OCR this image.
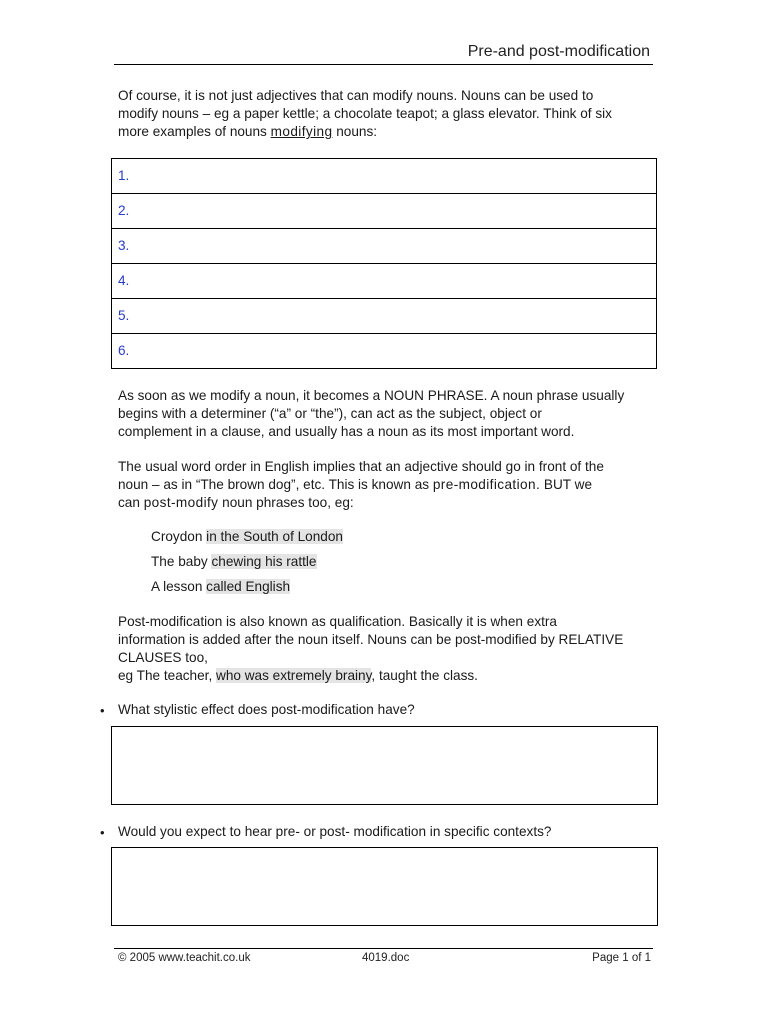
Pre-and post-modification
Of course, it is not just adjectives that can modify nouns. Nouns can be used to
modify nouns – eg a paper kettle; a chocolate teapot; a glass elevator. Think of six
more examples of nouns modifying nouns:
1.
2.
3.
4.
5.
6.
As soon as we modify a noun, it becomes a NOUN PHRASE. A noun phrase usually
begins with a determiner (“a” or “the”), can act as the subject, object or
complement in a clause, and usually has a noun as its most important word.
The usual word order in English implies that an adjective should go in front of the
noun – as in “The brown dog”, etc. This is known as pre-modification. BUT we
can post-modify noun phrases too, eg:
Croydon in the South of London
The baby chewing his rattle
A lesson called English
Post-modification is also known as qualification. Basically it is when extra
information is added after the noun itself. Nouns can be post-modified by RELATIVE
CLAUSES too,
eg The teacher, who was extremely brainy, taught the class.
• What stylistic effect does post-modification have?
• Would you expect to hear pre- or post- modification in specific contexts?
© 2005 www.teachit.co.uk	4019.doc	Page 1 of 1
